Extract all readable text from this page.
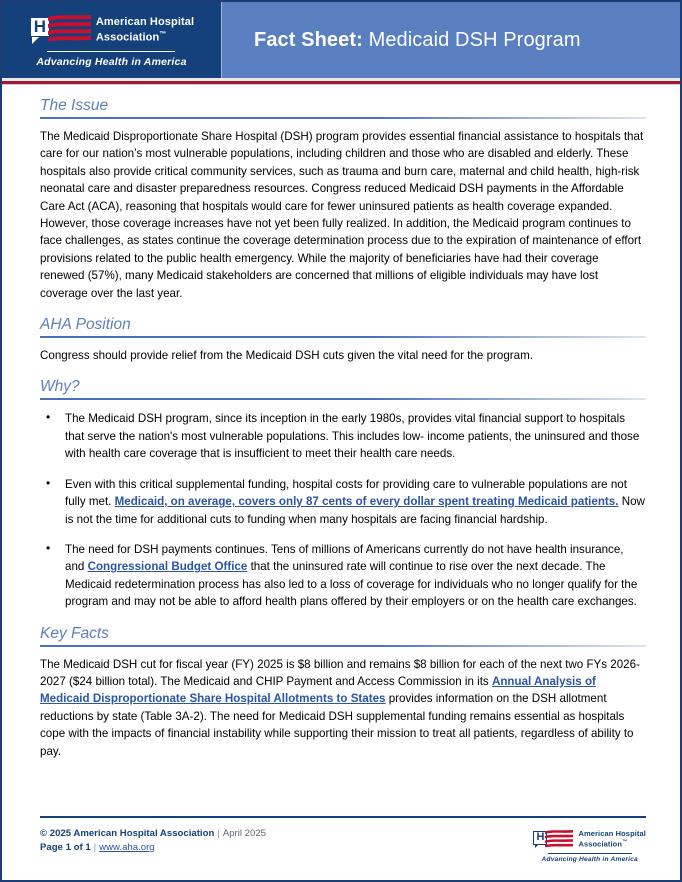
H	American Hospital
Association™
Advancing Health in America
Fact Sheet: Medicaid DSH Program
The Issue

The Medicaid Disproportionate Share Hospital (DSH) program provides essential financial assistance to hospitals that care for our nation’s most vulnerable populations, including children and those who are disabled and elderly. These hospitals also provide critical community services, such as trauma and burn care, maternal and child health, high-risk neonatal care and disaster preparedness resources. Congress reduced Medicaid DSH payments in the Affordable Care Act (ACA), reasoning that hospitals would care for fewer uninsured patients as health coverage expanded. However, those coverage increases have not yet been fully realized. In addition, the Medicaid program continues to face challenges, as states continue the coverage determination process due to the expiration of maintenance of effort provisions related to the public health emergency. While the majority of beneficiaries have had their coverage renewed (57%), many Medicaid stakeholders are concerned that millions of eligible individuals may have lost coverage over the last year.

AHA Position

Congress should provide relief from the Medicaid DSH cuts given the vital need for the program.

Why?
• The Medicaid DSH program, since its inception in the early 1980s, provides vital financial support to hospitals that serve the nation's most vulnerable populations. This includes low- income patients, the uninsured and those with health care coverage that is insufficient to meet their health care needs.
• Even with this critical supplemental funding, hospital costs for providing care to vulnerable populations are not fully met. Medicaid, on average, covers only 87 cents of every dollar spent treating Medicaid patients. Now is not the time for additional cuts to funding when many hospitals are facing financial hardship.
• The need for DSH payments continues. Tens of millions of Americans currently do not have health insurance, and Congressional Budget Office that the uninsured rate will continue to rise over the next decade. The Medicaid redetermination process has also led to a loss of coverage for individuals who no longer qualify for the program and may not be able to afford health plans offered by their employers or on the health care exchanges.
Key Facts

The Medicaid DSH cut for fiscal year (FY) 2025 is $8 billion and remains $8 billion for each of the next two FYs 2026-2027 ($24 billion total). The Medicaid and CHIP Payment and Access Commission in its Annual Analysis of Medicaid Disproportionate Share Hospital Allotments to States provides information on the DSH allotment reductions by state (Table 3A-2). The need for Medicaid DSH supplemental funding remains essential as hospitals cope with the impacts of financial instability while supporting their mission to treat all patients, regardless of ability to pay.

© 2025 American Hospital Association | April 2025
Page 1 of 1 | www.aha.org
H	American Hospital
Association™
Advancing Health in America
